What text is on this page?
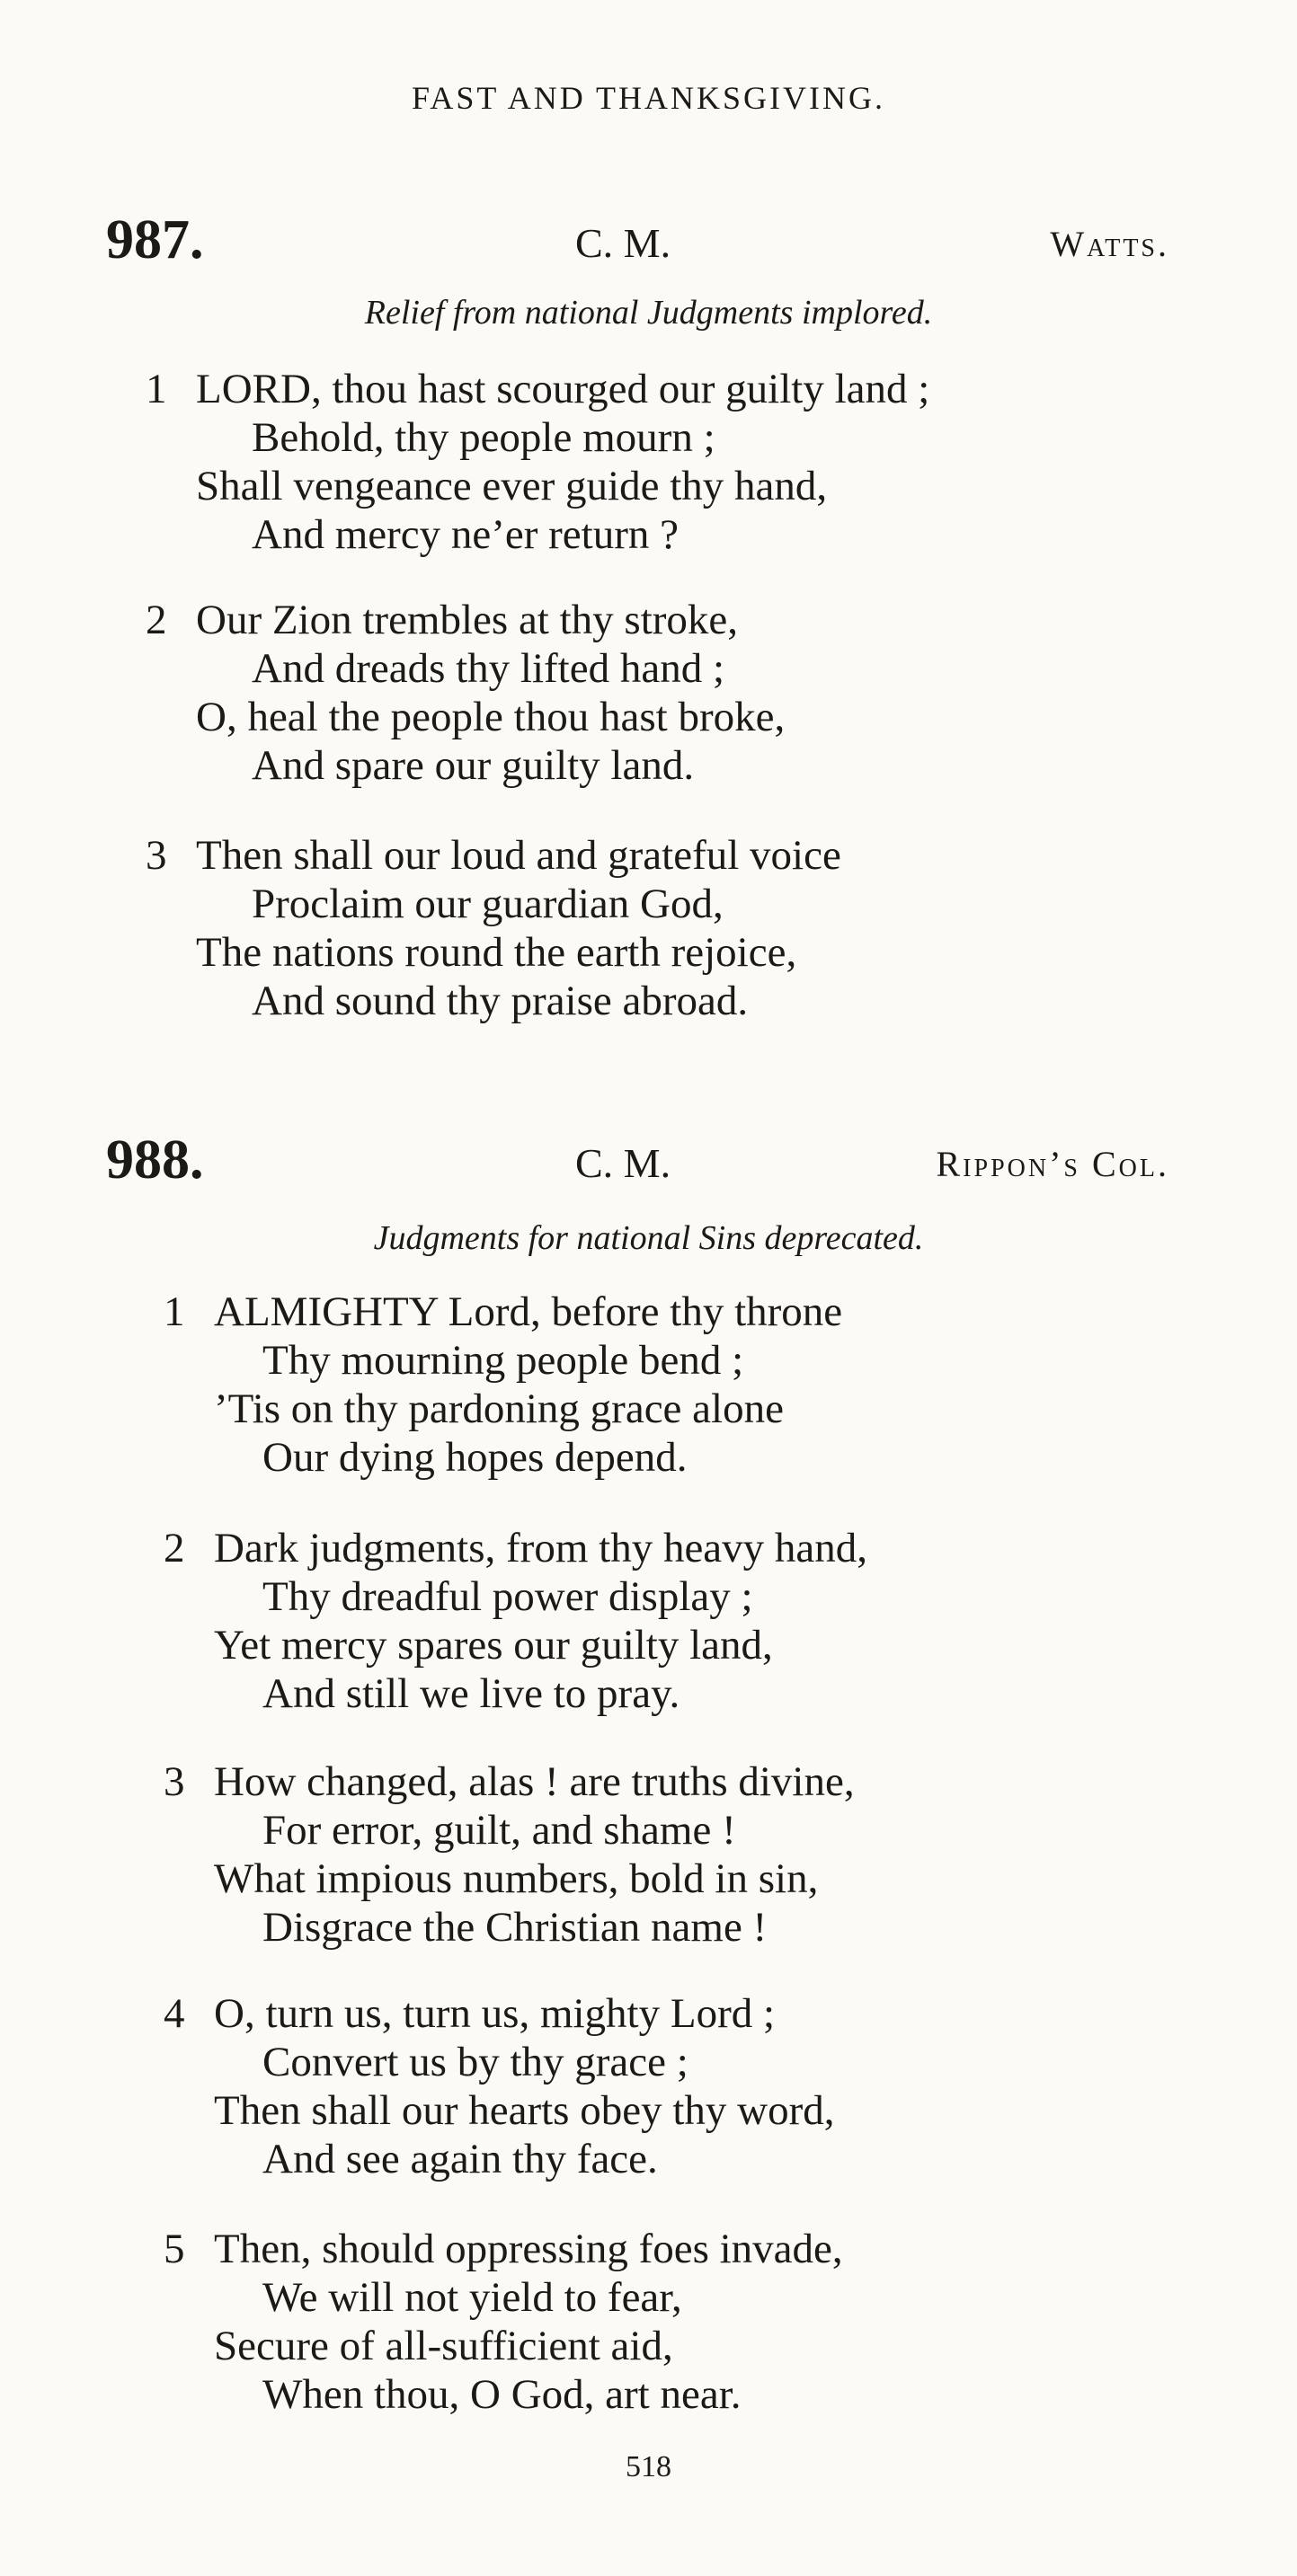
FAST AND THANKSGIVING.
987.	C. M.	Watts.
Relief from national Judgments implored.
1 LORD, thou hast scourged our guilty land ;
Behold, thy people mourn ;
Shall vengeance ever guide thy hand,
And mercy ne’er return ?
2 Our Zion trembles at thy stroke,
And dreads thy lifted hand ;
O, heal the people thou hast broke,
And spare our guilty land.
3 Then shall our loud and grateful voice
Proclaim our guardian God,
The nations round the earth rejoice,
And sound thy praise abroad.
988.	C. M.	Rippon’s Col.
Judgments for national Sins deprecated.
1 ALMIGHTY Lord, before thy throne
Thy mourning people bend ;
’Tis on thy pardoning grace alone
Our dying hopes depend.
2 Dark judgments, from thy heavy hand,
Thy dreadful power display ;
Yet mercy spares our guilty land,
And still we live to pray.
3 How changed, alas ! are truths divine,
For error, guilt, and shame !
What impious numbers, bold in sin,
Disgrace the Christian name !
4 O, turn us, turn us, mighty Lord ;
Convert us by thy grace ;
Then shall our hearts obey thy word,
And see again thy face.
5 Then, should oppressing foes invade,
We will not yield to fear,
Secure of all-sufficient aid,
When thou, O God, art near.
518
